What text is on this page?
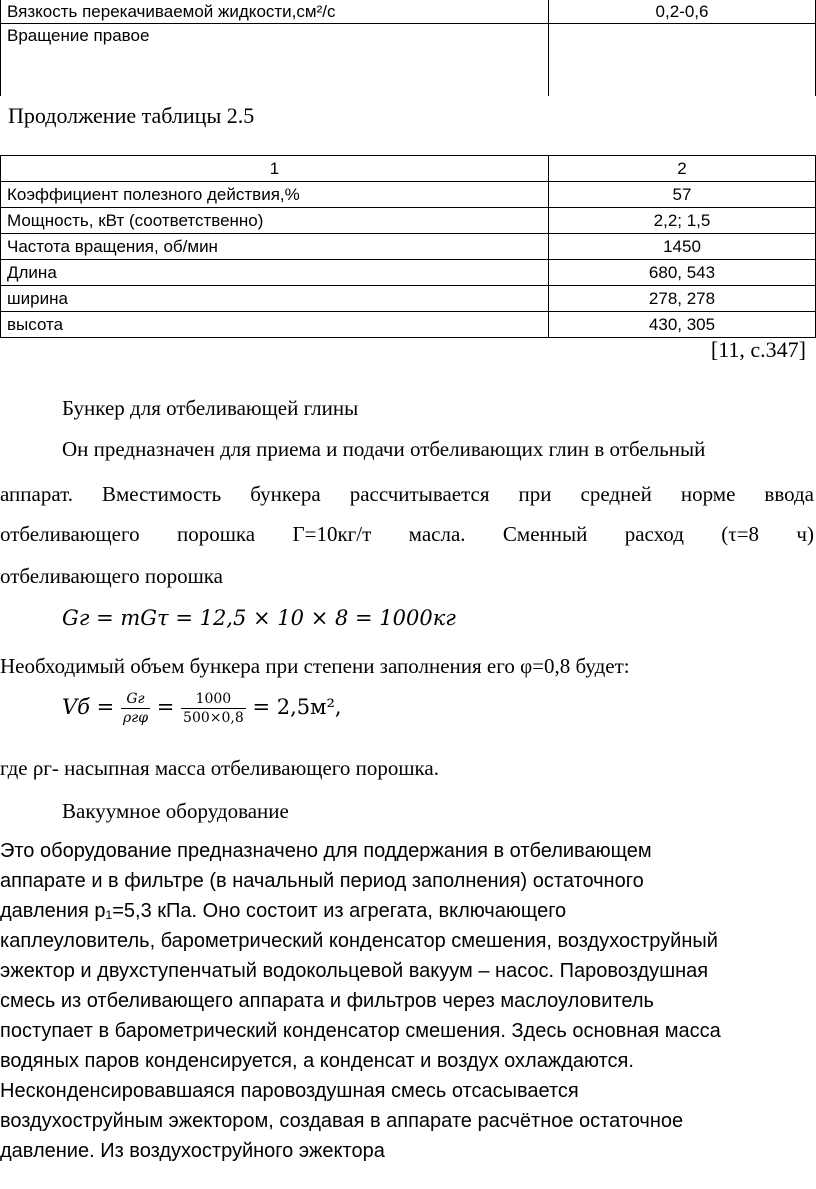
Вязкость перекачиваемой жидкости,см²/с	0,2-0,6
Вращение правое	
Продолжение таблицы 2.5
1	2
Коэффициент полезного действия,%	57
Мощность, кВт (соответственно)	2,2; 1,5
Частота вращения, об/мин	1450
Длина	680, 543
ширина	278, 278
высота	430, 305
[11, с.347]
Бункер для отбеливающей глины
Он предназначен для приема и подачи отбеливающих глин в отбельный
аппарат. Вместимость бункера рассчитывается при средней норме ввода
отбеливающего порошка Г=10кг/т масла. Сменный расход (τ=8 ч)
отбеливающего порошка
Gг = mGτ = 12,5 × 10 × 8 = 1000кг
Необходимый объем бункера при степени заполнения его φ=0,8 будет:
Vб = $\frac{Gг}{\text{ρгφ}} = \frac{1000}{500\times 0,8} = 2,5м^2$,
где ρг- насыпная масса отбеливающего порошка.
Вакуумное оборудование
Это оборудование предназначено для поддержания в отбеливающем
аппарате и в фильтре (в начальный период заполнения) остаточного
давления p₁=5,3 кПа. Оно состоит из агрегата, включающего
каплеуловитель, барометрический конденсатор смешения, воздухоструйный
эжектор и двухступенчатый водокольцевой вакуум – насос. Паровоздушная
смесь из отбеливающего аппарата и фильтров через маслоуловитель
поступает в барометрический конденсатор смешения. Здесь основная масса
водяных паров конденсируется, а конденсат и воздух охлаждаются.
Несконденсировавшаяся паровоздушная смесь отсасывается
воздухоструйным эжектором, создавая в аппарате расчётное остаточное
давление. Из воздухоструйного эжектора
